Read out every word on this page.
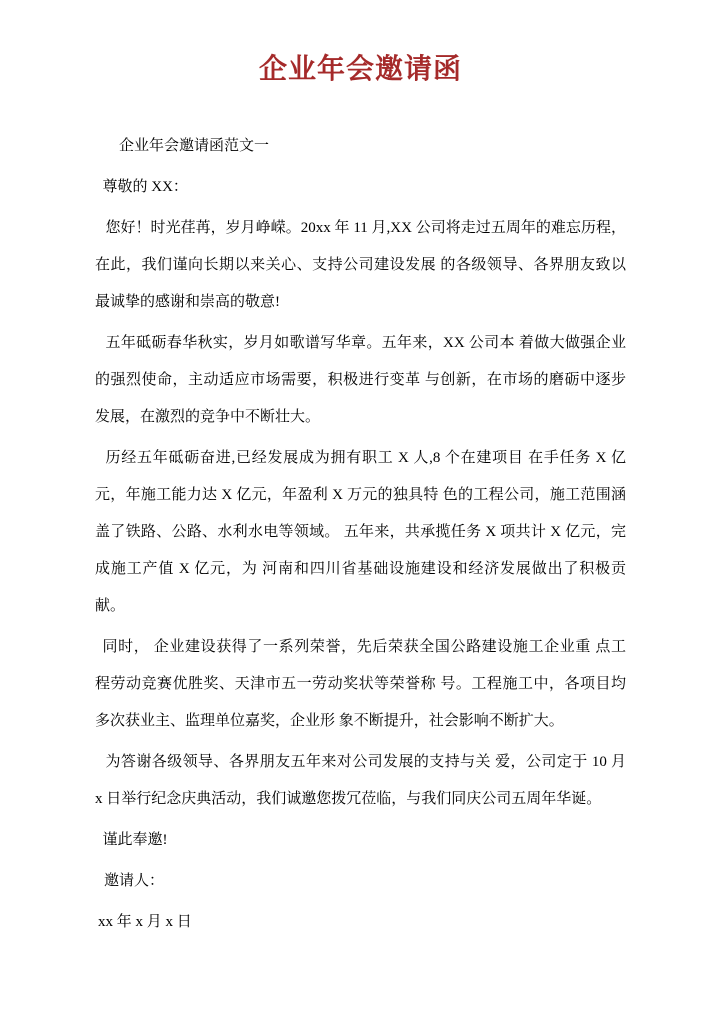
企业年会邀请函

企业年会邀请函范文一

尊敬的 XX：

您好！时光荏苒，岁月峥嵘。20xx 年 11 月,XX 公司将走过五周年的难忘历程，
在此，我们谨向长期以来关心、支持公司建设发展 的各级领导、各界朋友致以
最诚挚的感谢和崇高的敬意!

五年砥砺春华秋实，岁月如歌谱写华章。五年来，XX 公司本 着做大做强企业
的强烈使命，主动适应市场需要，积极进行变革 与创新，在市场的磨砺中逐步
发展，在激烈的竞争中不断壮大。

历经五年砥砺奋进,已经发展成为拥有职工 X 人,8 个在建项目 在手任务 X 亿
元，年施工能力达 X 亿元，年盈利 X 万元的独具特 色的工程公司，施工范围涵
盖了铁路、公路、水利水电等领域。 五年来，共承揽任务 X 项共计 X 亿元，完
成施工产值 X 亿元，为 河南和四川省基础设施建设和经济发展做出了积极贡献。

同时， 企业建设获得了一系列荣誉，先后荣获全国公路建设施工企业重 点工
程劳动竞赛优胜奖、天津市五一劳动奖状等荣誉称 号。工程施工中，各项目均
多次获业主、监理单位嘉奖，企业形 象不断提升，社会影响不断扩大。

为答谢各级领导、各界朋友五年来对公司发展的支持与关 爱，公司定于 10 月
x 日举行纪念庆典活动，我们诚邀您拨冗莅临，与我们同庆公司五周年华诞。

谨此奉邀!

邀请人：

xx 年 x 月 x 日
